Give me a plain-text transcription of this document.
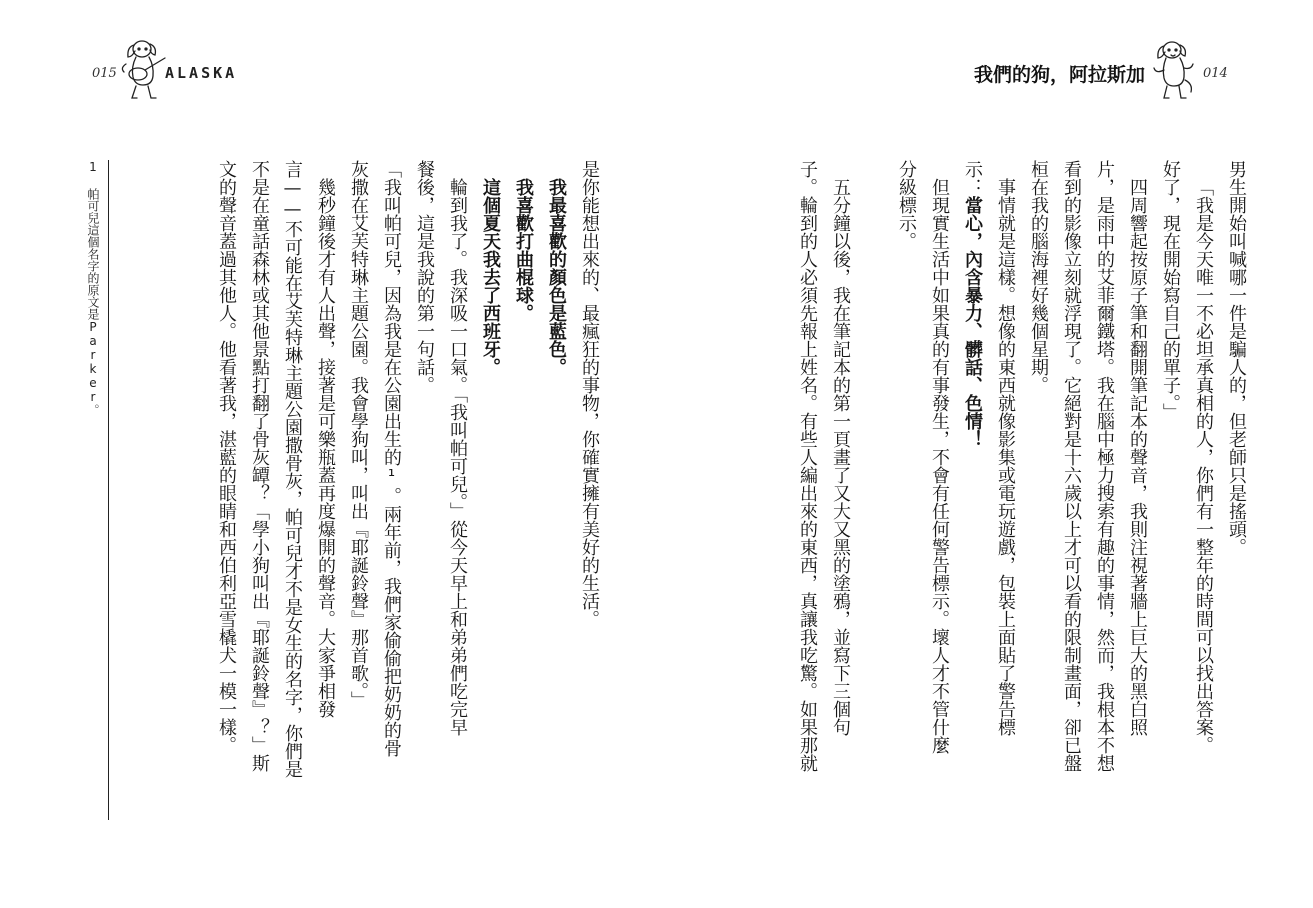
我們的狗，阿拉斯加	014
男生開始叫喊哪一件是騙人的，但老師只是搖頭。
「我是今天唯一不必坦承真相的人，你們有一整年的時間可以找出答案。
好了，現在開始寫自己的單子。」
四周響起按原子筆和翻開筆記本的聲音，我則注視著牆上巨大的黑白照
片，是雨中的艾菲爾鐵塔。我在腦中極力搜索有趣的事情，然而，我根本不想
看到的影像立刻就浮現了。它絕對是十六歲以上才可以看的限制畫面，卻已盤
桓在我的腦海裡好幾個星期。
事情就是這樣。想像的東西就像影集或電玩遊戲，包裝上面貼了警告標
示：當心，內含暴力、髒話、色情！
但現實生活中如果真的有事發生，不會有任何警告標示。壞人才不管什麼
分級標示。

五分鐘以後，我在筆記本的第一頁畫了又大又黑的塗鴉，並寫下三個句
子。輪到的人必須先報上姓名。有些人編出來的東西，真讓我吃驚。如果那就
015	ALASKA
是你能想出來的、最瘋狂的事物，你確實擁有美好的生活。
我最喜歡的顏色是藍色。
我喜歡打曲棍球。
這個夏天我去了西班牙。
輪到我了。我深吸一口氣。「我叫帕可兒。」從今天早上和弟弟們吃完早
餐後，這是我說的第一句話。
「我叫帕可兒，因為我是在公園出生的¹。兩年前，我們家偷偷把奶奶的骨
灰撒在艾芙特琳主題公園。我會學狗叫，叫出『耶誕鈴聲』那首歌。」
幾秒鐘後才有人出聲，接著是可樂瓶蓋再度爆開的聲音。大家爭相發
言——不可能在艾芙特琳主題公園撒骨灰，帕可兒才不是女生的名字，你們是
不是在童話森林或其他景點打翻了骨灰罈？「學小狗叫出『耶誕鈴聲』？」斯
文的聲音蓋過其他人。他看著我，湛藍的眼睛和西伯利亞雪橇犬一模一樣。
1 帕可兒這個名字的原文是Parker。
